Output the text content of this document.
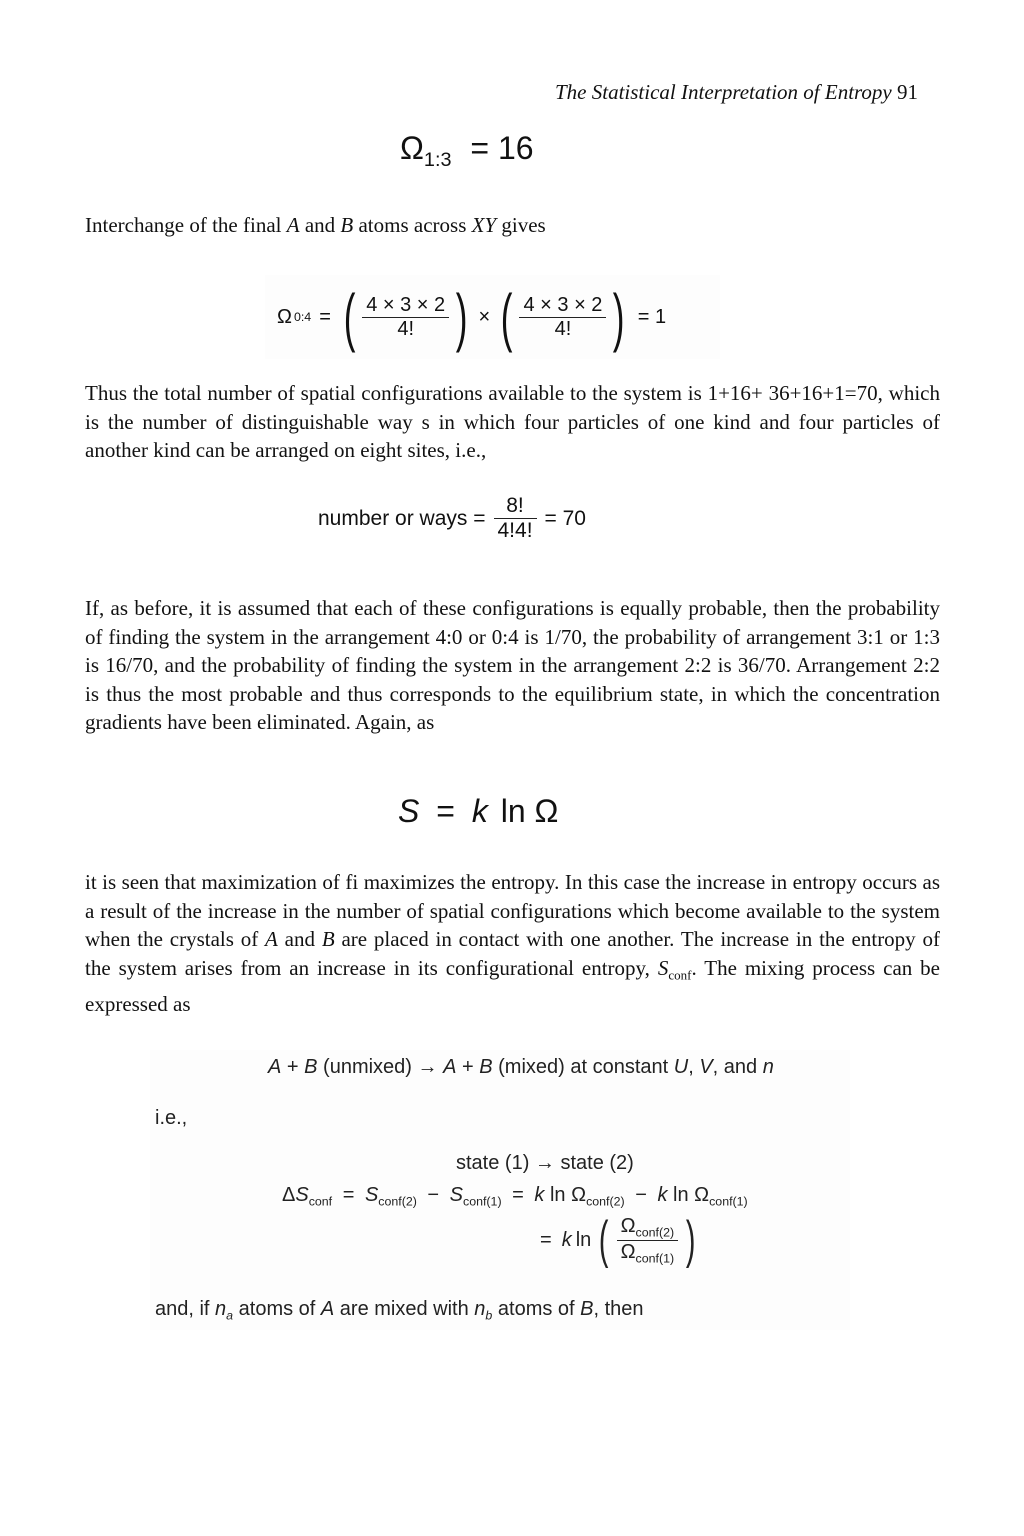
The Statistical Interpretation of Entropy 91
$\Omega_{1:3} = 16$
Interchange of the final A and B atoms across XY gives
Ω 0:4 = ( $\frac{4 \times 3 \times 2}{4!}$ ) × ( $\frac{4 \times 3 \times 2}{4!}$ ) = 1
Thus the total number of spatial configurations available to the system is 1+16+ 36+16+1=70, which is the number of distinguishable way s in which four particles of one kind and four particles of another kind can be arranged on eight sites, i.e.,
number or ways = $\frac{8!}{4!4!} = 70$
If, as before, it is assumed that each of these configurations is equally probable, then the probability of finding the system in the arrangement 4:0 or 0:4 is 1/70, the probability of arrangement 3:1 or 1:3 is 16/70, and the probability of finding the system in the arrangement 2:2 is 36/70. Arrangement 2:2 is thus the most probable and thus corresponds to the equilibrium state, in which the concentration gradients have been eliminated. Again, as
S = k ln Ω
it is seen that maximization of fi maximizes the entropy. In this case the increase in entropy occurs as a result of the increase in the number of spatial configurations which become available to the system when the crystals of A and B are placed in contact with one another. The increase in the entropy of the system arises from an increase in its configurational entropy, $S_{conf}$. The mixing process can be expressed as
A + B (unmixed) → A + B (mixed) at constant U, V, and n
i.e.,
state (1) → state (2)
$\Delta S_{conf} = S_{conf(2)} - S_{conf(1)} = k$ $\ln \Omega_{conf(2)} - k$ $\ln \Omega_{conf(1)}$
= k ln ( $\frac{\Omega_{conf(2)}}{\Omega_{conf(1)}}$ )
and, if $n_a$ atoms of A are mixed with $n_b$ atoms of B, then
